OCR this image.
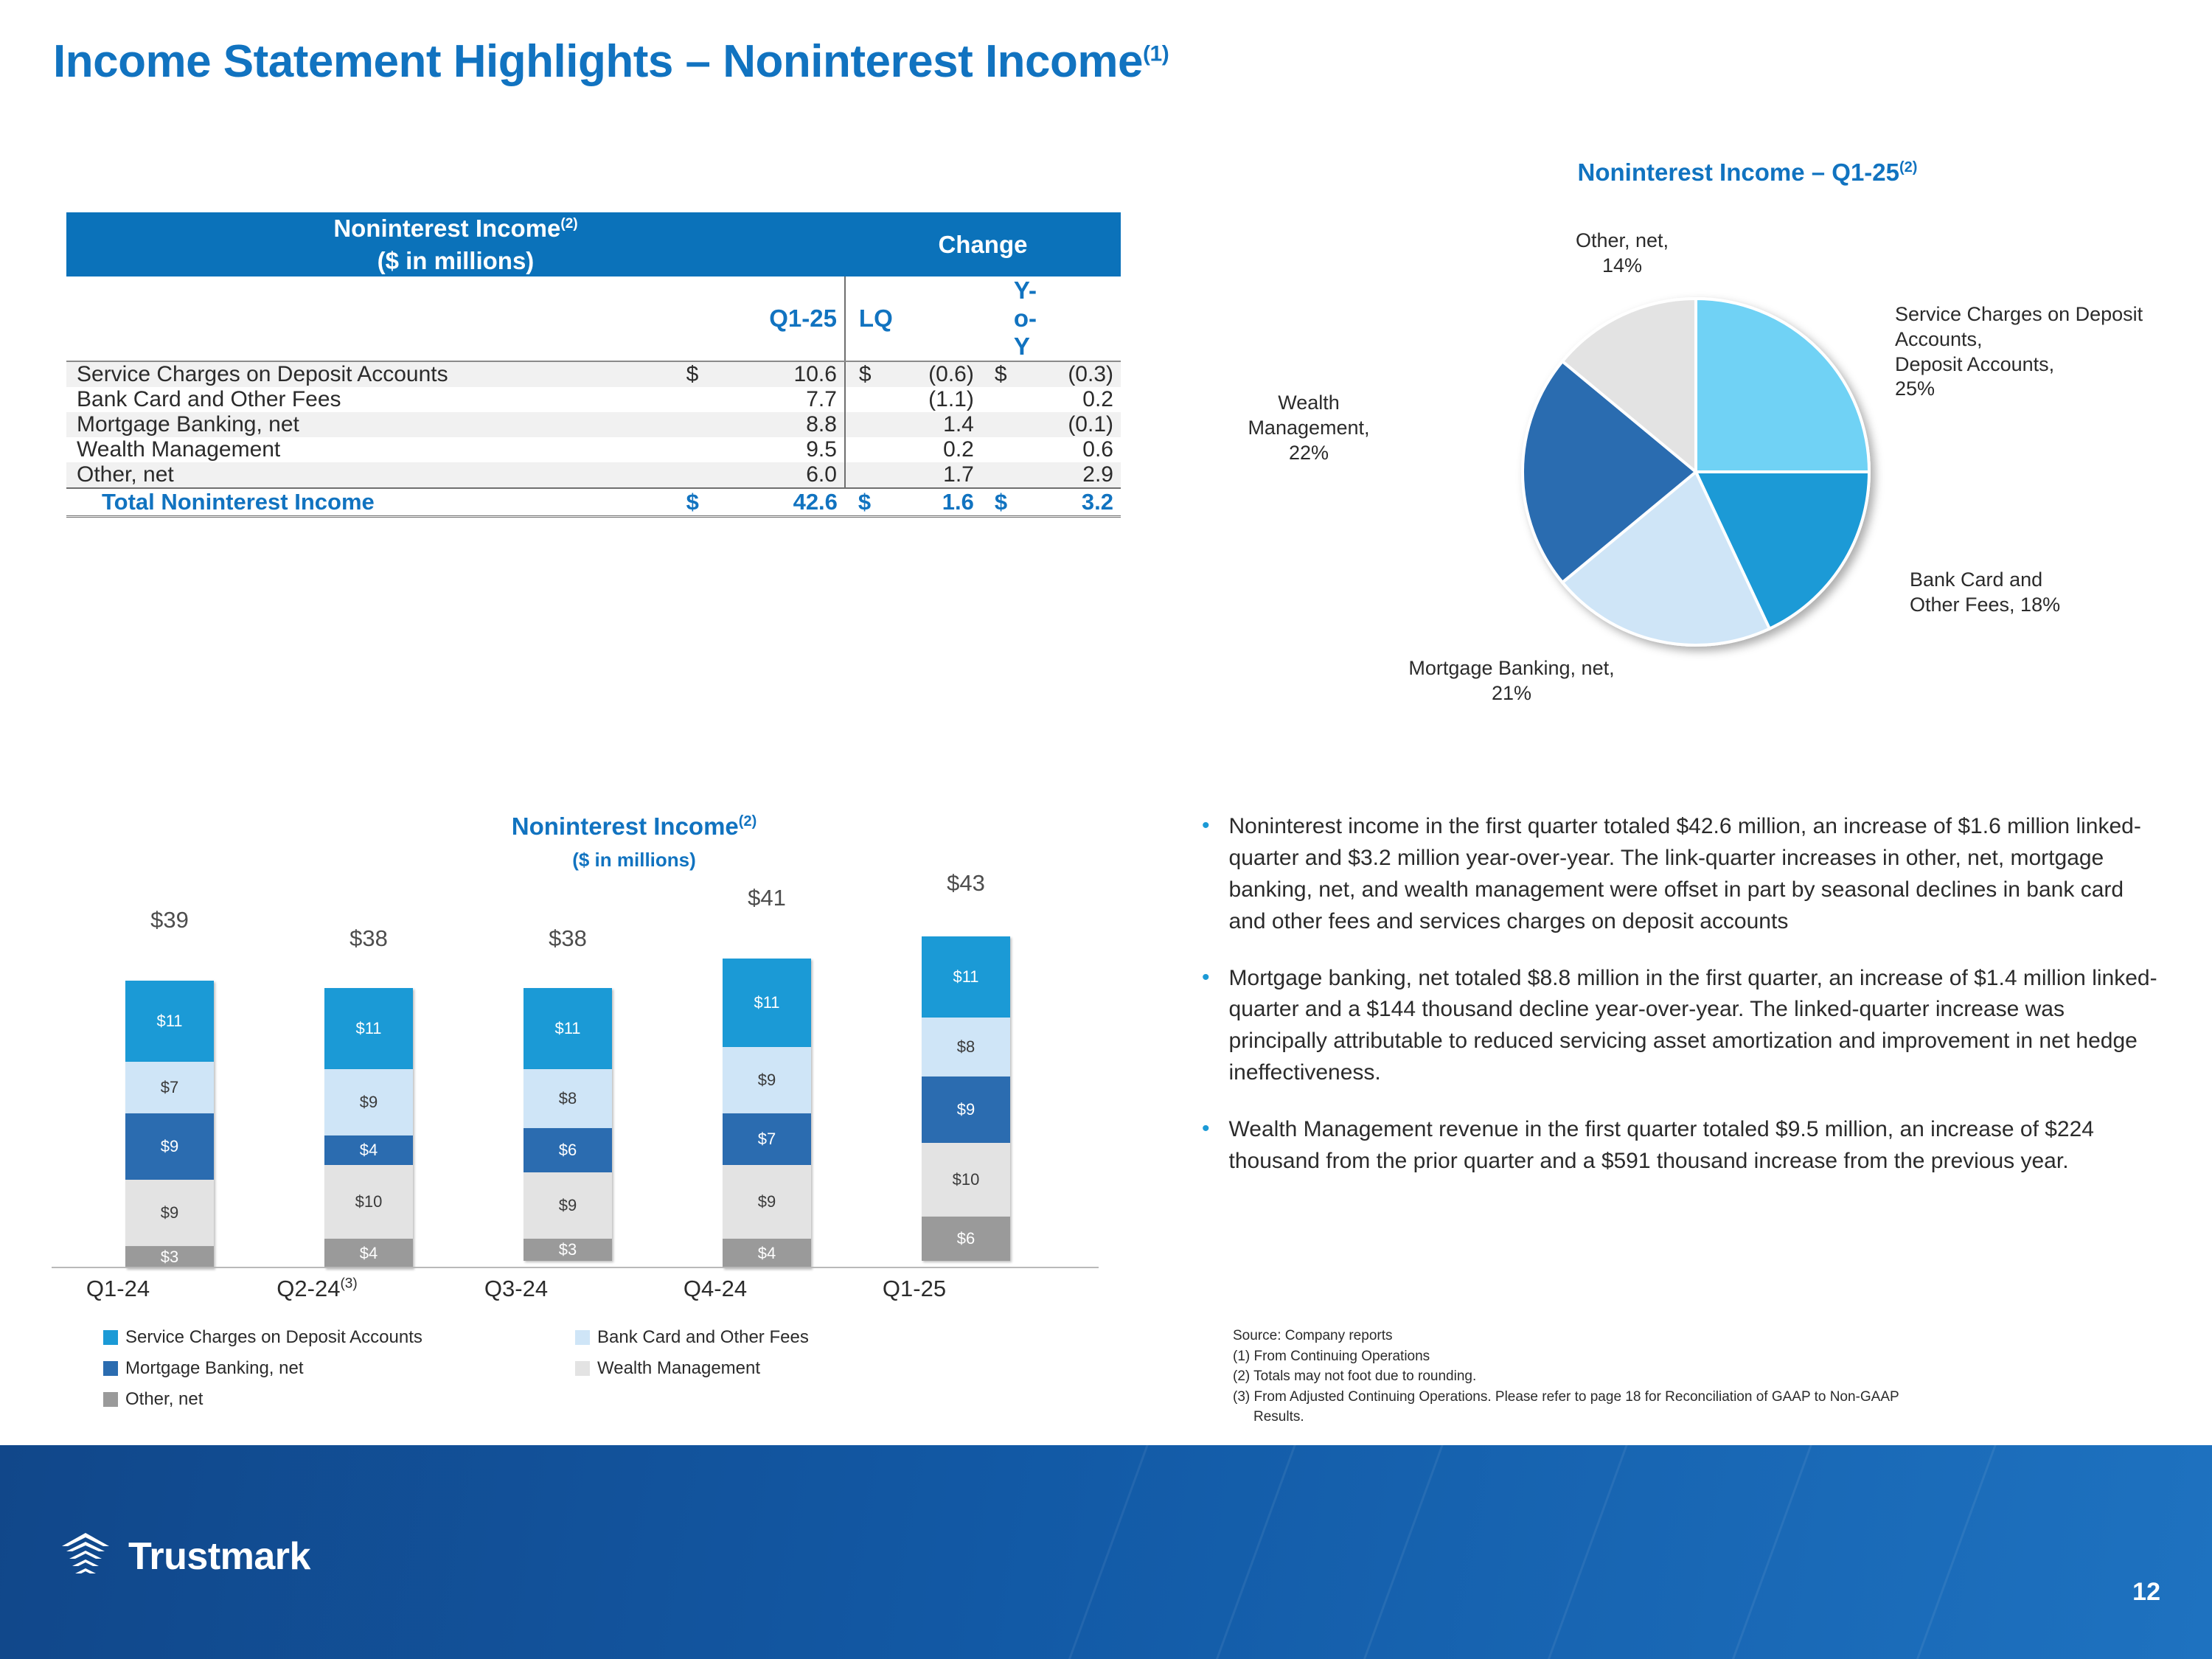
Income Statement Highlights – Noninterest Income$^{(1)}$
Noninterest Income$^{(2)}$
($ in millions)			Change			
		Q1-25	LQ		Y-o-Y	
Service Charges on Deposit Accounts	$	10.6	$	(0.6)	$	(0.3)
Bank Card and Other Fees		7.7		(1.1)		0.2
Mortgage Banking, net		8.8		1.4		(0.1)
Wealth Management		9.5		0.2		0.6
Other, net		6.0		1.7		2.9
Total Noninterest Income	$	42.6	$	1.6	$	3.2
Noninterest Income – Q1-25$^{(2)}$
Other, net,
14%
Service Charges on Deposit Accounts,
Deposit Accounts,
25%
Bank Card and
Other Fees, 18%
Mortgage Banking, net,
21%
Wealth
Management,
22%
Noninterest Income$^{(2)}$
($ in millions)
$39
$11
$7
$9
$9
$3
$38
$11
$9
$4
$10
$4
$38
$11
$8
$6
$9
$3
$41
$11
$9
$7
$9
$4
$43
$11
$8
$9
$10
$6
Q1-24	Q2-24$^{(3)}$	Q3-24	Q4-24	Q1-25
Service Charges on Deposit Accounts	Bank Card and Other Fees
Mortgage Banking, net	Wealth Management
Other, net
• Noninterest income in the first quarter totaled $42.6 million, an increase of $1.6 million linked-quarter and $3.2 million year-over-year. The link-quarter increases in other, net, mortgage banking, net, and wealth management were offset in part by seasonal declines in bank card and other fees and services charges on deposit accounts
• Mortgage banking, net totaled $8.8 million in the first quarter, an increase of $1.4 million linked-quarter and a $144 thousand decline year-over-year. The linked-quarter increase was principally attributable to reduced servicing asset amortization and improvement in net hedge ineffectiveness.
• Wealth Management revenue in the first quarter totaled $9.5 million, an increase of $224 thousand from the prior quarter and a $591 thousand increase from the previous year.
Source: Company reports
(1) From Continuing Operations
(2) Totals may not foot due to rounding.
(3) From Adjusted Continuing Operations. Please refer to page 18 for Reconciliation of GAAP to Non-GAAP
Results.
Trustmark
12
